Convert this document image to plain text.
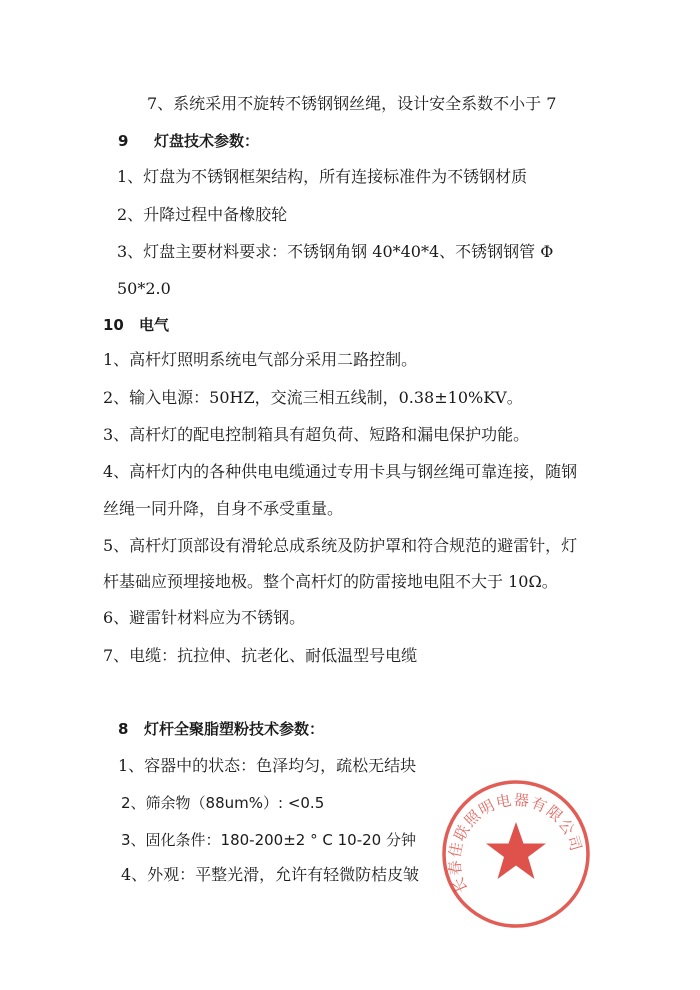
7、系统采用不旋转不锈钢钢丝绳，设计安全系数不小于 7
9 灯盘技术参数：
1、灯盘为不锈钢框架结构，所有连接标准件为不锈钢材质
2、升降过程中备橡胶轮
3、灯盘主要材料要求：不锈钢角钢 40*40*4、不锈钢钢管 Φ
50*2.0
10 电气
1、高杆灯照明系统电气部分采用二路控制。
2、输入电源：50HZ，交流三相五线制，0.38±10%KV。
3、高杆灯的配电控制箱具有超负荷、短路和漏电保护功能。
4、高杆灯内的各种供电电缆通过专用卡具与钢丝绳可靠连接，随钢
丝绳一同升降，自身不承受重量。
5、高杆灯顶部设有滑轮总成系统及防护罩和符合规范的避雷针，灯
杆基础应预埋接地极。整个高杆灯的防雷接地电阻不大于 10Ω。
6、避雷针材料应为不锈钢。
7、电缆：抗拉伸、抗老化、耐低温型号电缆
8 灯杆全聚脂塑粉技术参数：
1、容器中的状态：色泽均匀，疏松无结块
2、筛余物（88um%）: <0.5
3、固化条件：180-200±2 ° C 10-20 分钟
4、外观：平整光滑，允许有轻微防桔皮皱 长春佳联照明电器有限公司
